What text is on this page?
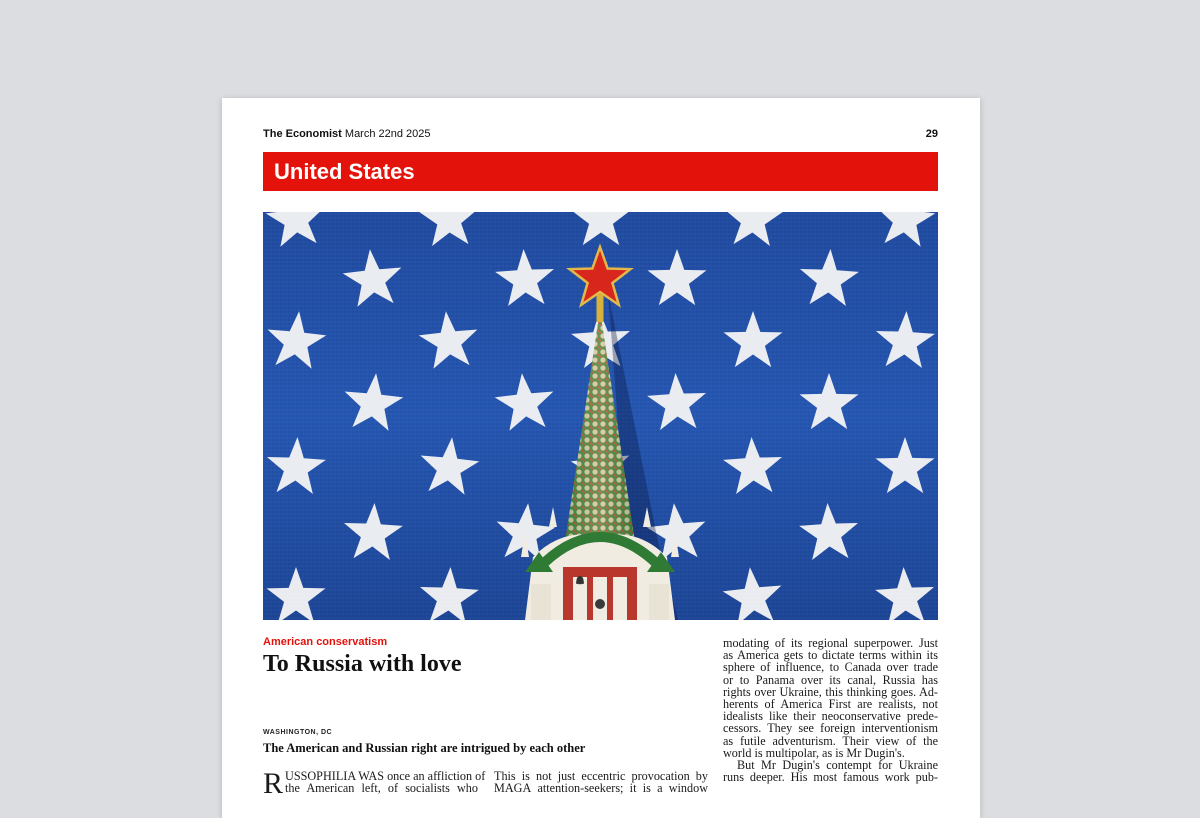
The Economist March 22nd 2025	29
United States
American conservatism
To Russia with love
WASHINGTON, DC
The American and Russian right are intrigued by each other
R USSOPHILIA WAS once an affliction of
the American left, of socialists who
This is not just eccentric provocation by
MAGA attention-seekers; it is a window
modating of its regional superpower. Just
as America gets to dictate terms within its
sphere of influence, to Canada over trade
or to Panama over its canal, Russia has
rights over Ukraine, this thinking goes. Ad-
herents of America First are realists, not
idealists like their neoconservative prede-
cessors. They see foreign interventionism
as futile adventurism. Their view of the
world is multipolar, as is Mr Dugin's.
But Mr Dugin's contempt for Ukraine
runs deeper. His most famous work pub-
